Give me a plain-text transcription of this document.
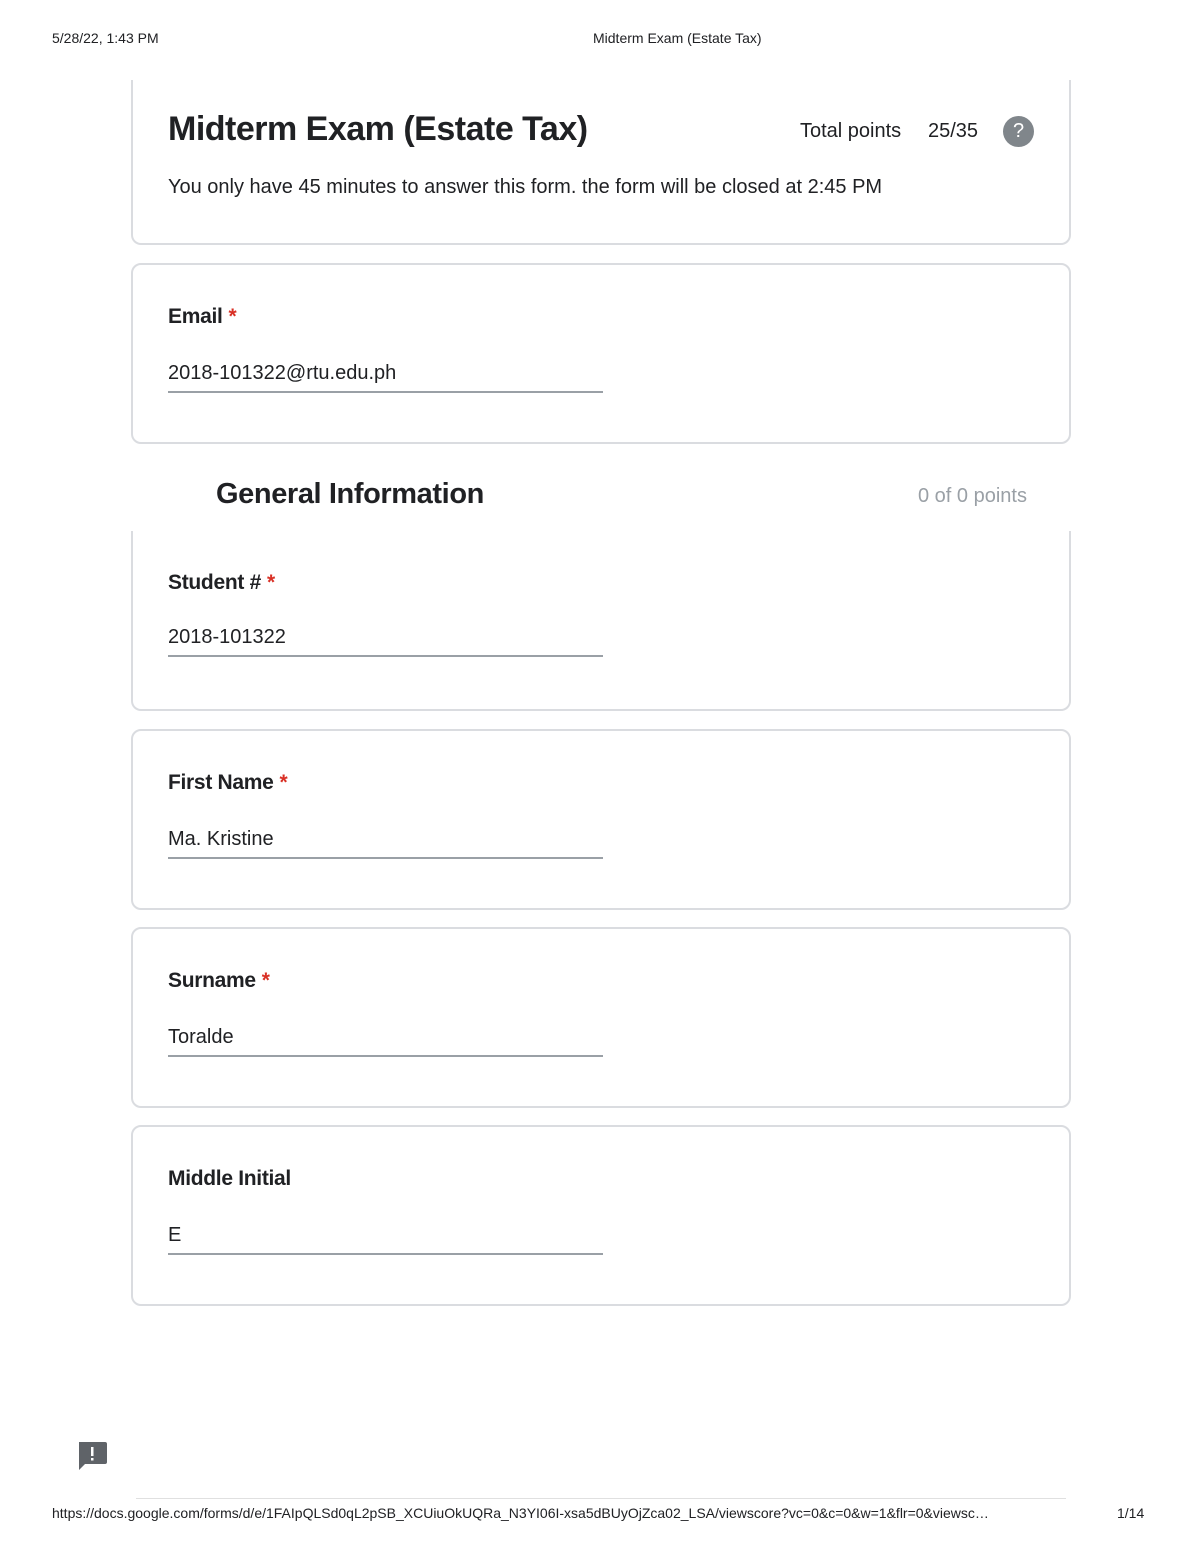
5/28/22, 1:43 PM	Midterm Exam (Estate Tax)
Midterm Exam (Estate Tax)	Total points 25/35	?
You only have 45 minutes to answer this form. the form will be closed at 2:45 PM
Email *
2018-101322@rtu.edu.ph
General Information	0 of 0 points
Student # *
2018-101322
First Name *
Ma. Kristine
Surname *
Toralde
Middle Initial
E
https://docs.google.com/forms/d/e/1FAIpQLSd0qL2pSB_XCUiuOkUQRa_N3YI06I-xsa5dBUyOjZca02_LSA/viewscore?vc=0&c=0&w=1&flr=0&viewsc…	1/14
